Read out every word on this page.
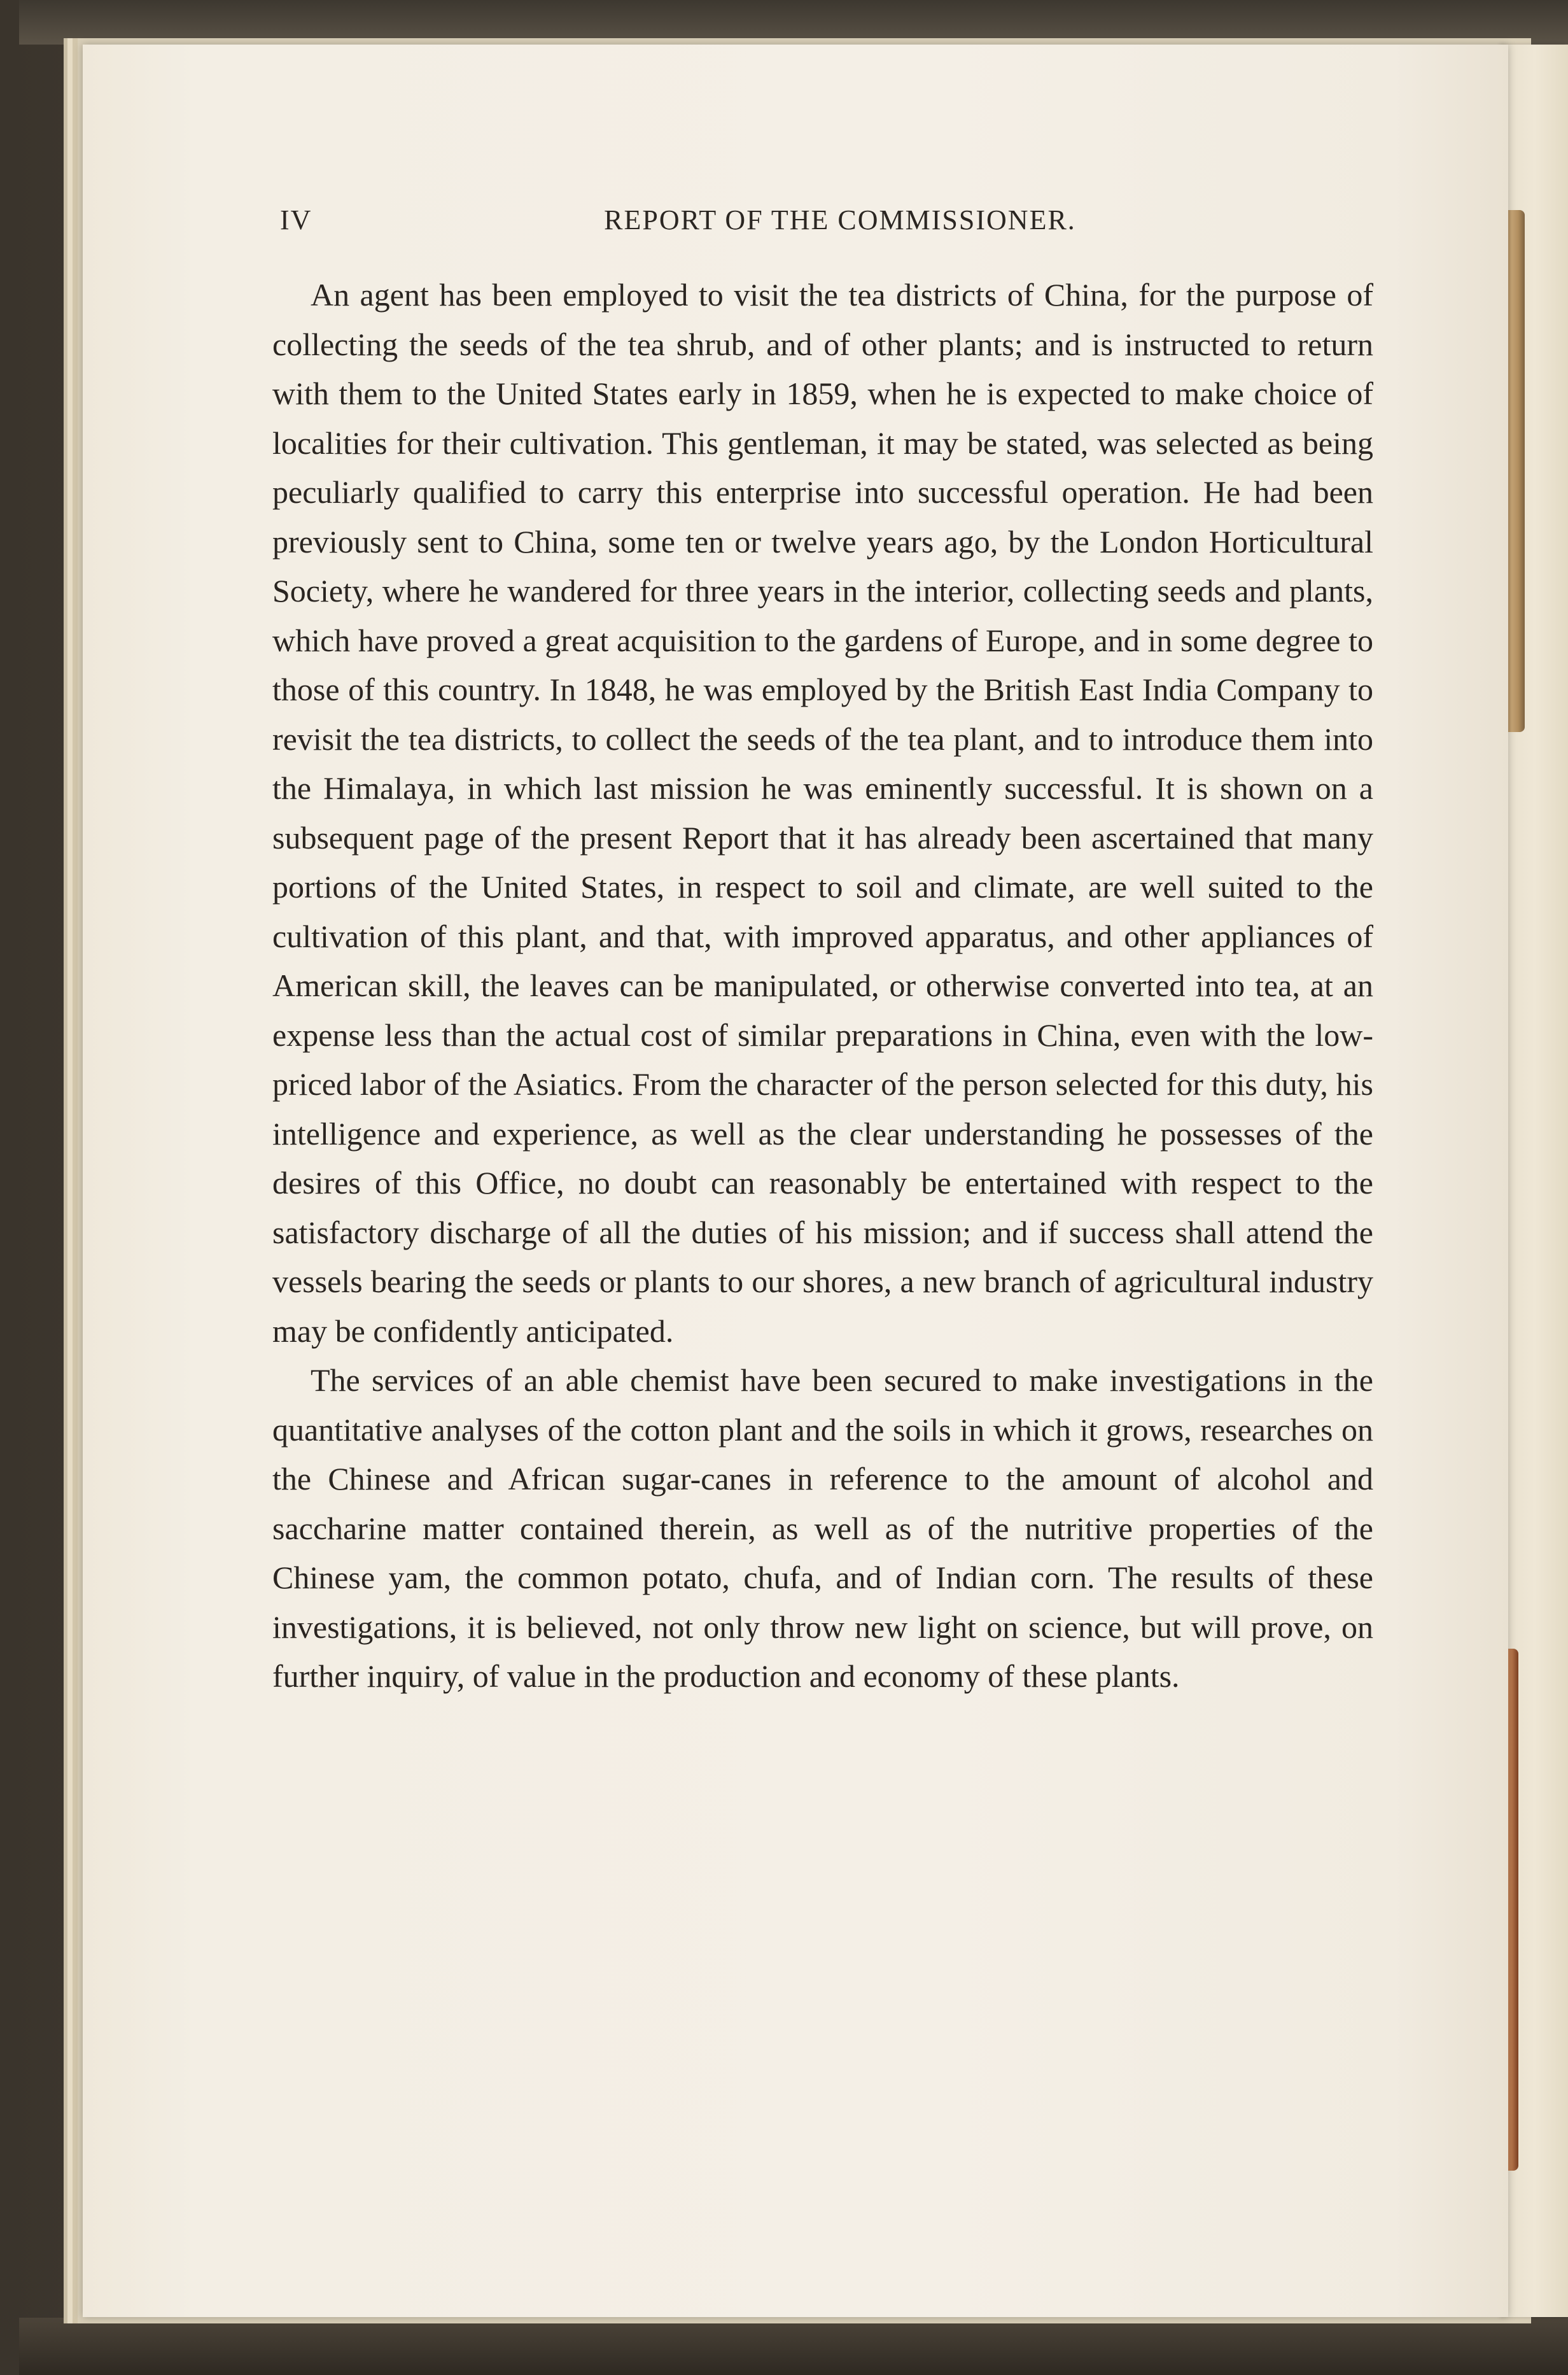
IV	REPORT OF THE COMMISSIONER.

An agent has been employed to visit the tea districts of China, for the purpose of collecting the seeds of the tea shrub, and of other plants; and is instructed to return with them to the United States early in 1859, when he is expected to make choice of localities for their cultivation. This gentleman, it may be stated, was selected as being peculiarly qualified to carry this enterprise into successful operation. He had been previously sent to China, some ten or twelve years ago, by the London Horticultural Society, where he wandered for three years in the interior, collecting seeds and plants, which have proved a great acquisition to the gardens of Europe, and in some degree to those of this country. In 1848, he was employed by the British East India Company to revisit the tea districts, to collect the seeds of the tea plant, and to introduce them into the Himalaya, in which last mission he was eminently successful. It is shown on a subsequent page of the present Report that it has already been ascertained that many portions of the United States, in respect to soil and climate, are well suited to the cultivation of this plant, and that, with improved apparatus, and other appliances of American skill, the leaves can be manipulated, or otherwise converted into tea, at an expense less than the actual cost of similar preparations in China, even with the low-priced labor of the Asiatics. From the character of the person selected for this duty, his intelligence and experience, as well as the clear understanding he possesses of the desires of this Office, no doubt can reasonably be entertained with respect to the satisfactory discharge of all the duties of his mission; and if success shall attend the vessels bearing the seeds or plants to our shores, a new branch of agricultural industry may be confidently anticipated.

The services of an able chemist have been secured to make investigations in the quantitative analyses of the cotton plant and the soils in which it grows, researches on the Chinese and African sugar-canes in reference to the amount of alcohol and saccharine matter contained therein, as well as of the nutritive properties of the Chinese yam, the common potato, chufa, and of Indian corn. The results of these investigations, it is believed, not only throw new light on science, but will prove, on further inquiry, of value in the production and economy of these plants.
